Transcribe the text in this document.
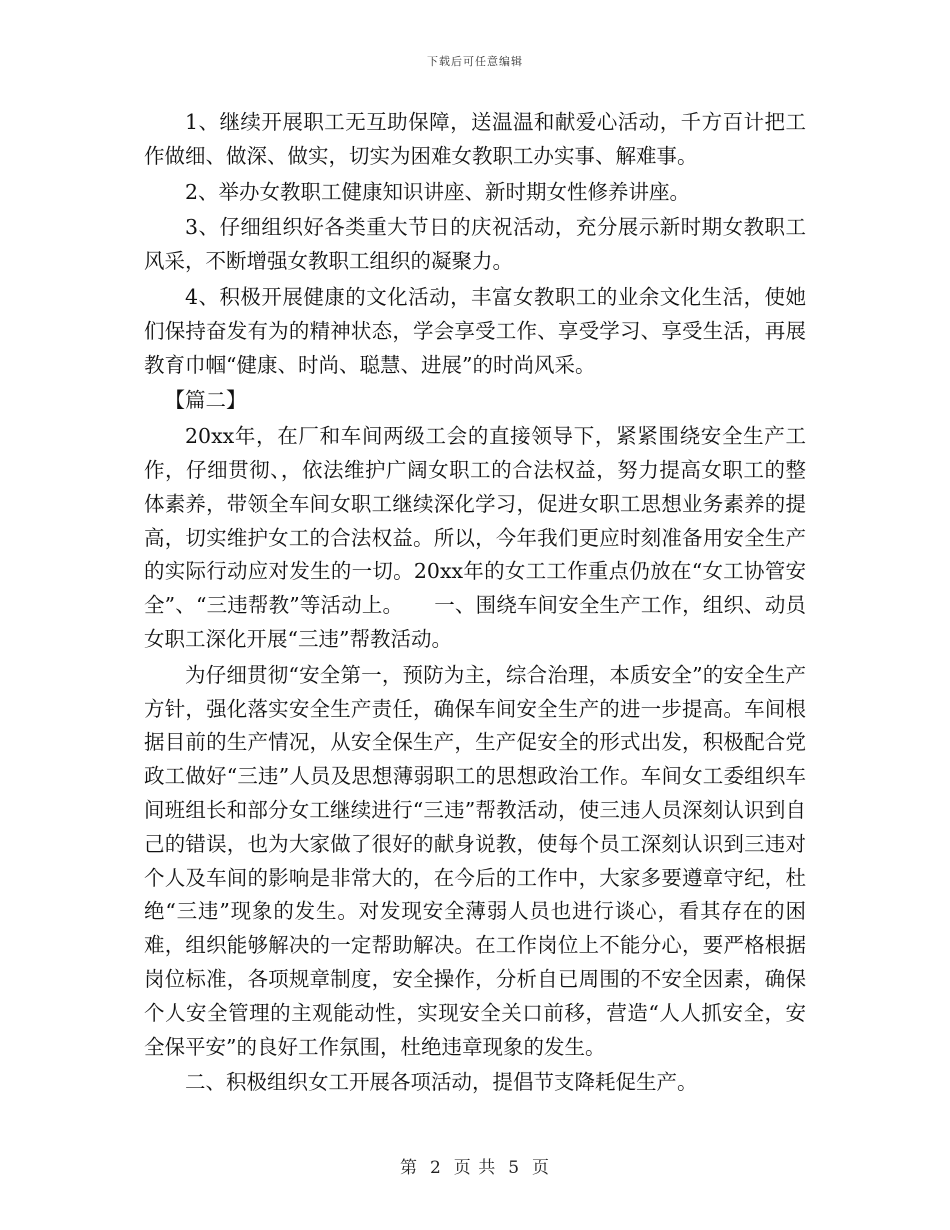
下载后可任意编辑

1、继续开展职工无互助保障，送温温和献爱心活动，千方百计把工作做细、做深、做实，切实为困难女教职工办实事、解难事。

2、举办女教职工健康知识讲座、新时期女性修养讲座。

3、仔细组织好各类重大节日的庆祝活动，充分展示新时期女教职工风采，不断增强女教职工组织的凝聚力。

4、积极开展健康的文化活动，丰富女教职工的业余文化生活，使她们保持奋发有为的精神状态，学会享受工作、享受学习、享受生活，再展教育巾帼“健康、时尚、聪慧、进展”的时尚风采。

【篇二】

20xx年，在厂和车间两级工会的直接领导下，紧紧围绕安全生产工作，仔细贯彻、，依法维护广阔女职工的合法权益，努力提高女职工的整体素养，带领全车间女职工继续深化学习，促进女职工思想业务素养的提高，切实维护女工的合法权益。所以，今年我们更应时刻准备用安全生产的实际行动应对发生的一切。20xx年的女工工作重点仍放在“女工协管安全”、“三违帮教”等活动上。　　一、围绕车间安全生产工作，组织、动员女职工深化开展“三违”帮教活动。

为仔细贯彻“安全第一，预防为主，综合治理，本质安全”的安全生产方针，强化落实安全生产责任，确保车间安全生产的进一步提高。车间根据目前的生产情况，从安全保生产，生产促安全的形式出发，积极配合党政工做好“三违”人员及思想薄弱职工的思想政治工作。车间女工委组织车间班组长和部分女工继续进行“三违”帮教活动，使三违人员深刻认识到自己的错误，也为大家做了很好的献身说教，使每个员工深刻认识到三违对个人及车间的影响是非常大的，在今后的工作中，大家多要遵章守纪，杜绝“三违”现象的发生。对发现安全薄弱人员也进行谈心，看其存在的困难，组织能够解决的一定帮助解决。在工作岗位上不能分心，要严格根据岗位标准，各项规章制度，安全操作，分析自已周围的不安全因素，确保个人安全管理的主观能动性，实现安全关口前移，营造“人人抓安全，安全保平安”的良好工作氛围，杜绝违章现象的发生。

二、积极组织女工开展各项活动，提倡节支降耗促生产。

第 2 页 共 5 页
